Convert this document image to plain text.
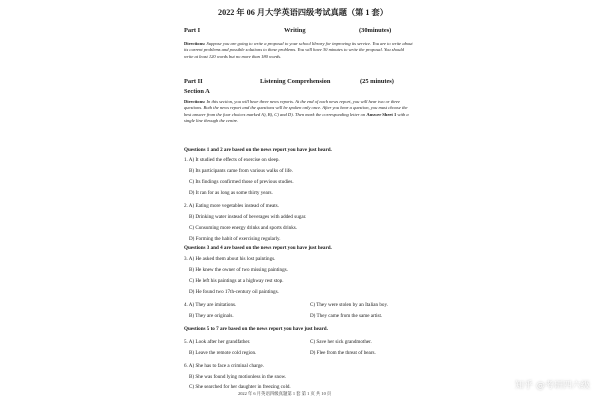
2022 年 06 月大学英语四级考试真题（第 1 套）
Part I	Writing	(30minutes)
Directions: Suppose you are going to write a proposal to your school library for improving its service. You are to write about its current problems and possible solutions to these problems. You will have 30 minutes to write the proposal. You should write at least 120 words but no more than 180 words.
Part II	Listening Comprehension	(25 minutes)
Section A
Directions: In this section, you will hear three news reports. At the end of each news report, you will hear two or three questions. Both the news report and the questions will be spoken only once. After you hear a question, you must choose the best answer from the four choices marked A), B), C) and D). Then mark the corresponding letter on Answer Sheet 1 with a single line through the centre.
Questions 1 and 2 are based on the news report you have just heard.
1. A) It studied the effects of exercise on sleep.
B) Its participants came from various walks of life.
C) Its findings confirmed those of previous studies.
D) It ran for as long as some thirty years.
2. A) Eating more vegetables instead of meats.
B) Drinking water instead of beverages with added sugar.
C) Consuming more energy drinks and sports drinks.
D) Forming the habit of exercising regularly.
Questions 3 and 4 are based on the news report you have just heard.
3. A) He asked them about his lost paintings.
B) He knew the owner of two missing paintings.
C) He left his paintings at a highway rest stop.
D) He found two 17th-century oil paintings.
4. A) They are imitations.	C) They were stolen by an Italian boy.
B) They are originals.	D) They came from the same artist.
Questions 5 to 7 are based on the news report you have just heard.
5. A) Look after her grandfather.	C) Save her sick grandmother.
B) Leave the remote cold region.	D) Flee from the threat of bears.
6. A) She has to face a criminal charge.
B) She was found lying motionless in the snow.
C) She searched for her daughter in freezing cold.
2022 年 6 月英语四级真题第 1 套 第 1 页 共 10 页
知乎 @考研四六级
